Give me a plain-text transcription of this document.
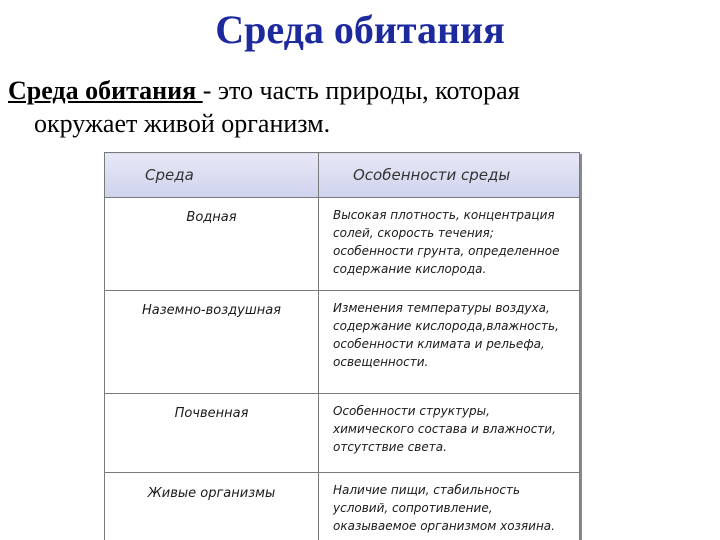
Среда обитания
Среда обитания - это часть природы, которая
окружает живой организм.
Среда	Особенности среды
Водная	Высокая плотность, концентрация солей, скорость течения; особенности грунта, определенное содержание кислорода.
Наземно-воздушная	Изменения температуры воздуха, содержание кислорода,влажность, особенности климата и рельефа, освещенности.
Почвенная	Особенности структуры, химического состава и влажности, отсутствие света.
Живые организмы	Наличие пищи, стабильность условий, сопротивление, оказываемое организмом хозяина.
